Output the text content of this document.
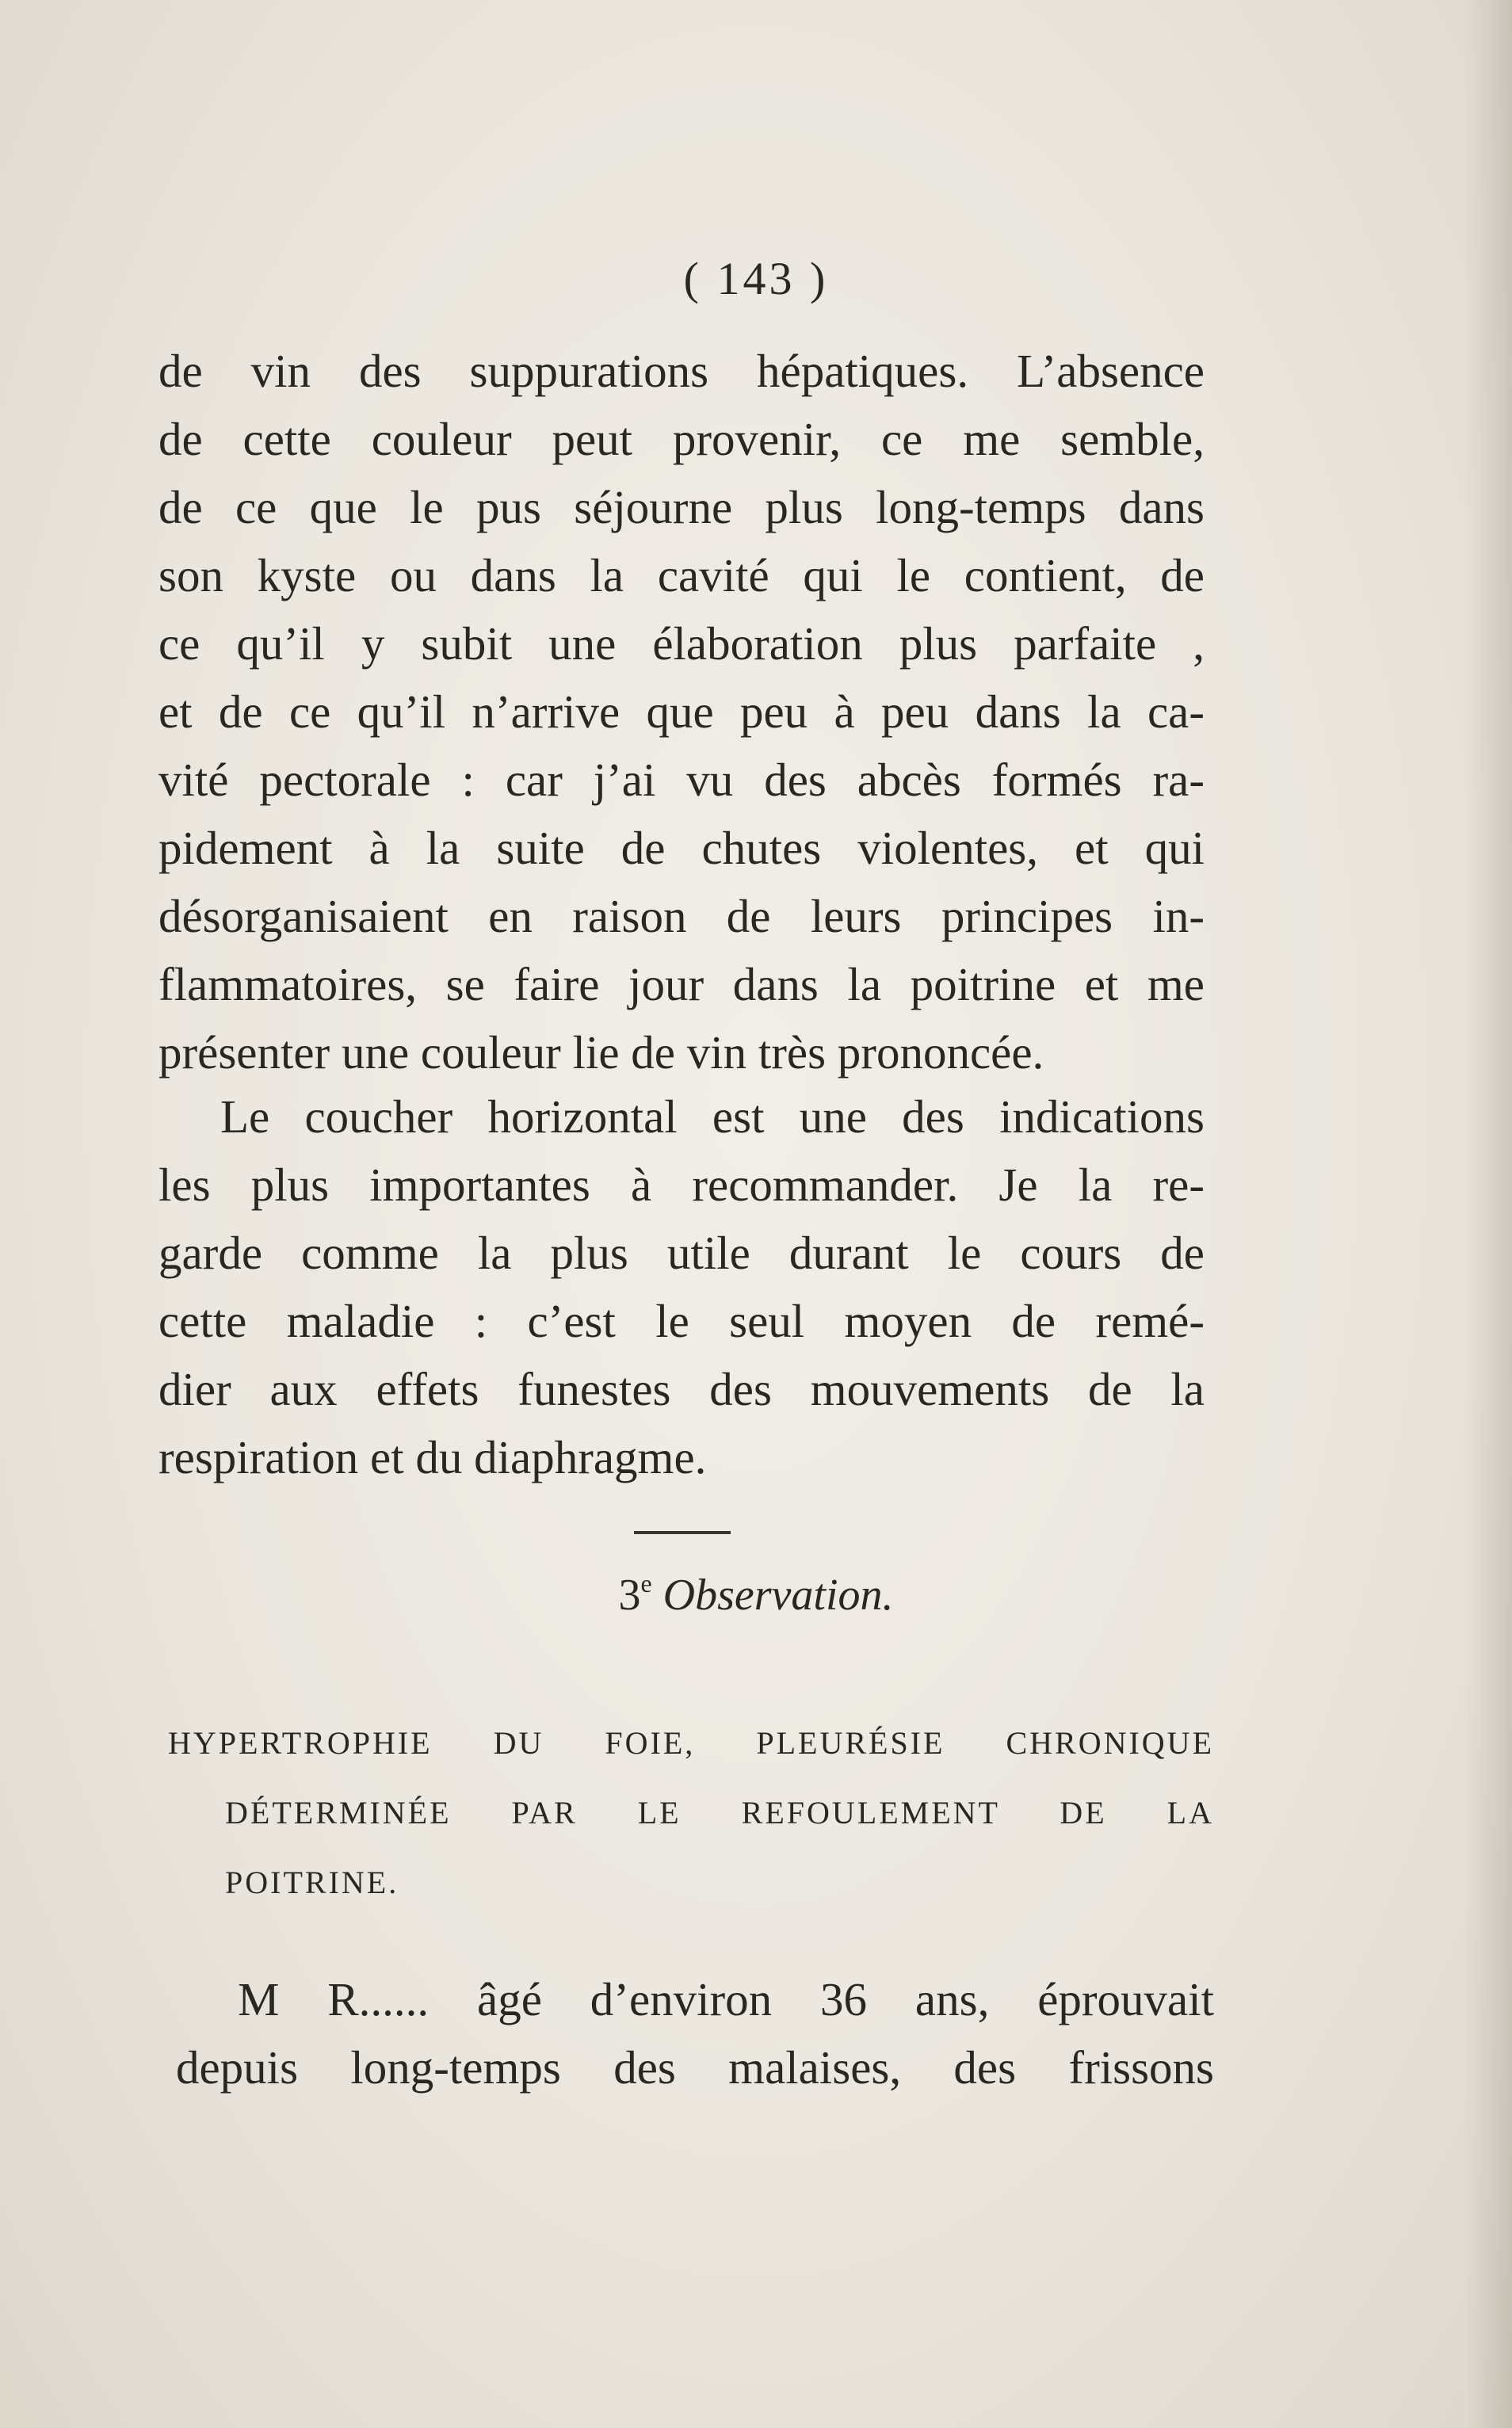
( 143 )
de vin des suppurations hépatiques. L’absence
de cette couleur peut provenir, ce me semble,
de ce que le pus séjourne plus long-temps dans
son kyste ou dans la cavité qui le contient, de
ce qu’il y subit une élaboration plus parfaite ,
et de ce qu’il n’arrive que peu à peu dans la ca-
vité pectorale : car j’ai vu des abcès formés ra-
pidement à la suite de chutes violentes, et qui
désorganisaient en raison de leurs principes in-
flammatoires, se faire jour dans la poitrine et me
présenter une couleur lie de vin très prononcée.
Le coucher horizontal est une des indications
les plus importantes à recommander. Je la re-
garde comme la plus utile durant le cours de
cette maladie : c’est le seul moyen de remé-
dier aux effets funestes des mouvements de la
respiration et du diaphragme.
3e Observation.
HYPERTROPHIE DU FOIE, PLEURÉSIE CHRONIQUE
DÉTERMINÉE PAR LE REFOULEMENT DE LA
POITRINE.
M R...... âgé d’environ 36 ans, éprouvait
depuis long-temps des malaises, des frissons
